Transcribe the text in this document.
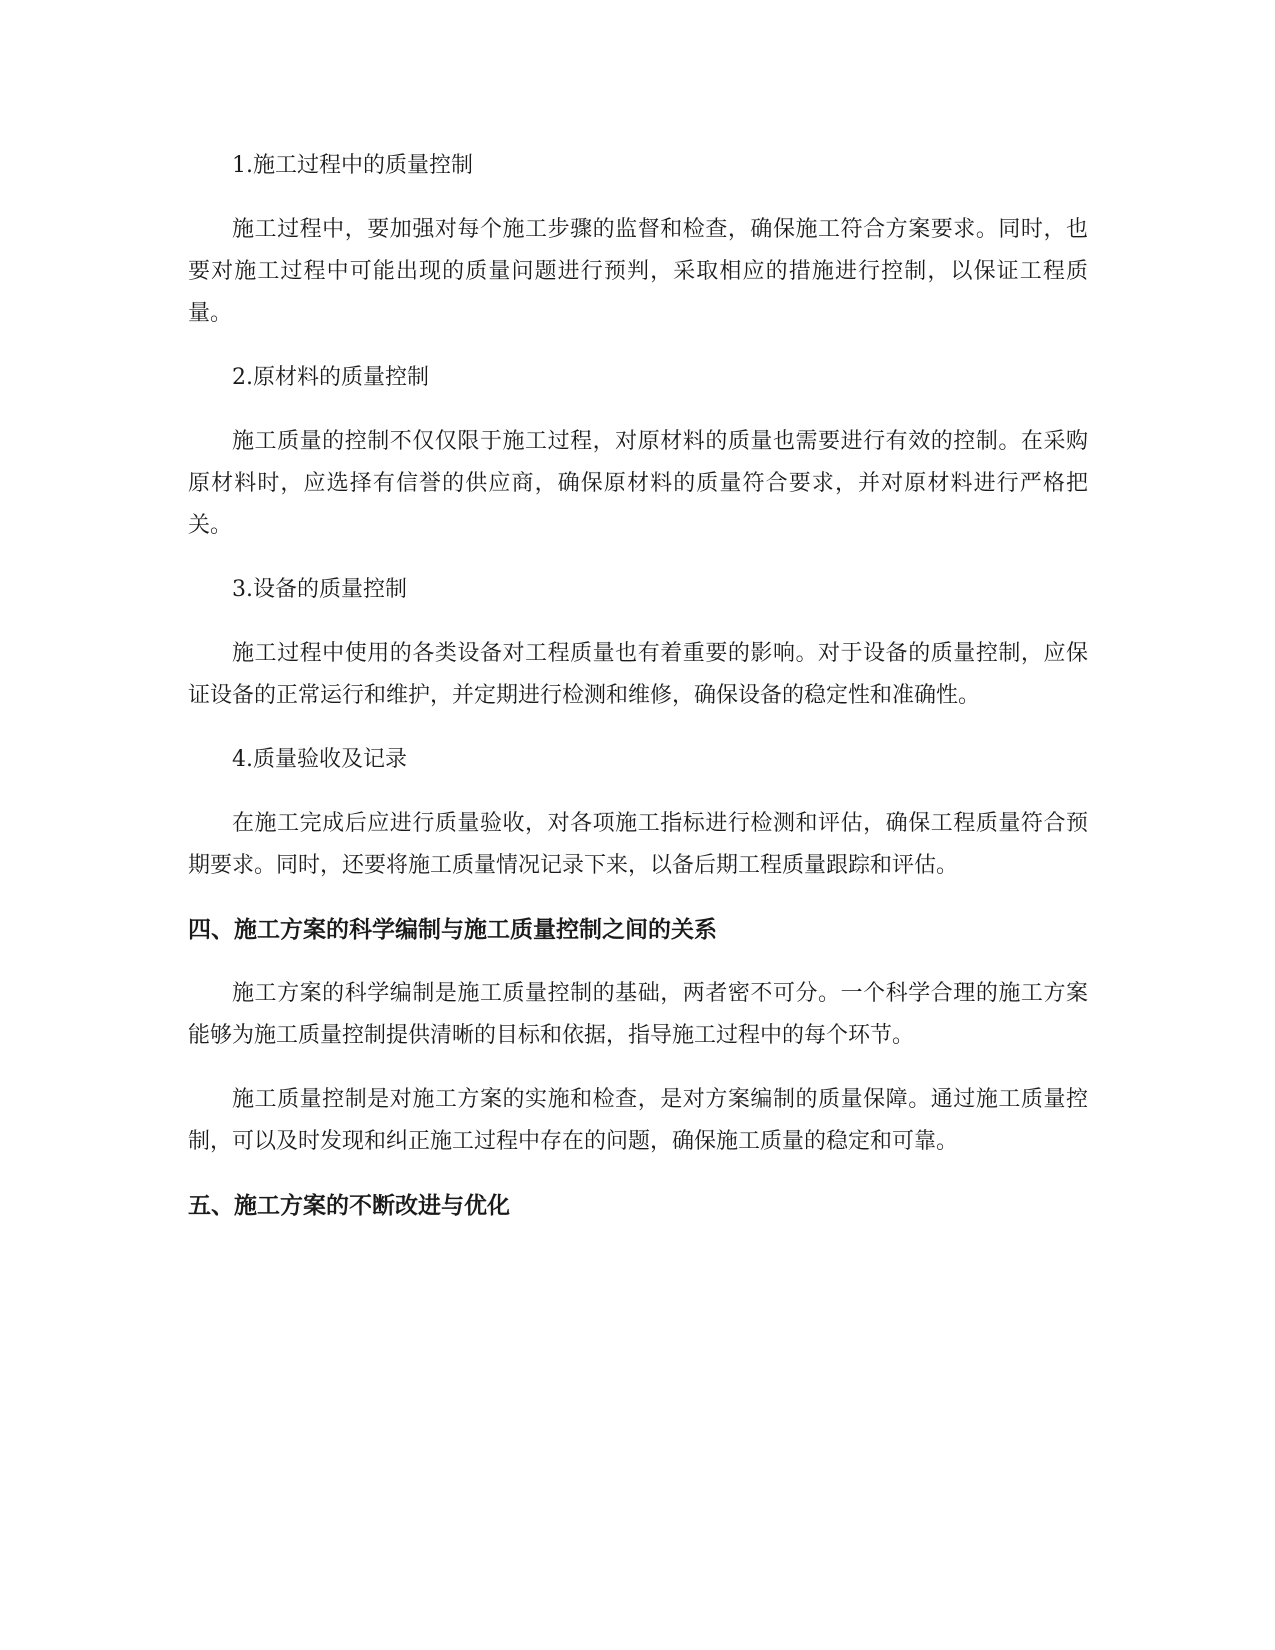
1.施工过程中的质量控制

施工过程中，要加强对每个施工步骤的监督和检查，确保施工符合方案要求。同时，也要对施工过程中可能出现的质量问题进行预判，采取相应的措施进行控制，以保证工程质量。

2.原材料的质量控制

施工质量的控制不仅仅限于施工过程，对原材料的质量也需要进行有效的控制。在采购原材料时，应选择有信誉的供应商，确保原材料的质量符合要求，并对原材料进行严格把关。

3.设备的质量控制

施工过程中使用的各类设备对工程质量也有着重要的影响。对于设备的质量控制，应保证设备的正常运行和维护，并定期进行检测和维修，确保设备的稳定性和准确性。

4.质量验收及记录

在施工完成后应进行质量验收，对各项施工指标进行检测和评估，确保工程质量符合预期要求。同时，还要将施工质量情况记录下来，以备后期工程质量跟踪和评估。

四、施工方案的科学编制与施工质量控制之间的关系

施工方案的科学编制是施工质量控制的基础，两者密不可分。一个科学合理的施工方案能够为施工质量控制提供清晰的目标和依据，指导施工过程中的每个环节。

施工质量控制是对施工方案的实施和检查，是对方案编制的质量保障。通过施工质量控制，可以及时发现和纠正施工过程中存在的问题，确保施工质量的稳定和可靠。

五、施工方案的不断改进与优化
